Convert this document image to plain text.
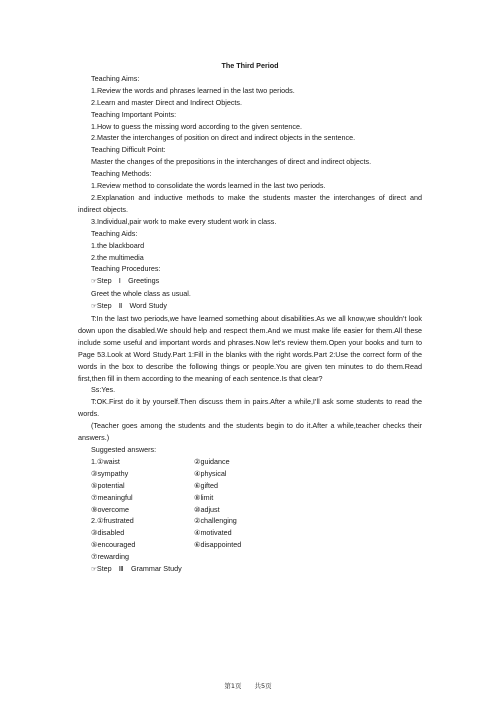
The Third Period
Teaching Aims:
1.Review the words and phrases learned in the last two periods.
2.Learn and master Direct and Indirect Objects.
Teaching Important Points:
1.How to guess the missing word according to the given sentence.
2.Master the interchanges of position on direct and indirect objects in the sentence.
Teaching Difficult Point:
Master the changes of the prepositions in the interchanges of direct and indirect objects.
Teaching Methods:
1.Review method to consolidate the words learned in the last two periods.
2.Explanation and inductive methods to make the students master the interchanges of direct and indirect objects.
3.Individual,pair work to make every student work in class.
Teaching Aids:
1.the blackboard
2.the multimedia
Teaching Procedures:
☞Step　Ⅰ　Greetings
Greet the whole class as usual.
☞Step　Ⅱ　Word Study
T:In the last two periods,we have learned something about disabilities.As we all know,we shouldn’t look down upon the disabled.We should help and respect them.And we must make life easier for them.All these include some useful and important words and phrases.Now let’s review them.Open your books and turn to Page 53.Look at Word Study.Part 1:Fill in the blanks with the right words.Part 2:Use the correct form of the words in the box to describe the following things or people.You are given ten minutes to do them.Read first,then fill in them according to the meaning of each sentence.Is that clear?
Ss:Yes.
T:OK.First do it by yourself.Then discuss them in pairs.After a while,I’ll ask some students to read the words.
(Teacher goes among the students and the students begin to do it.After a while,teacher checks their answers.)
Suggested answers:
1.①waist	②guidance
③sympathy	④physical
⑤potential	⑥gifted
⑦meaningful	⑧limit
⑨overcome	⑩adjust
2.①frustrated	②challenging
③disabled	④motivated
⑤encouraged	⑥disappointed
⑦rewarding
☞Step　Ⅲ　Grammar Study
第1页　　共5页
